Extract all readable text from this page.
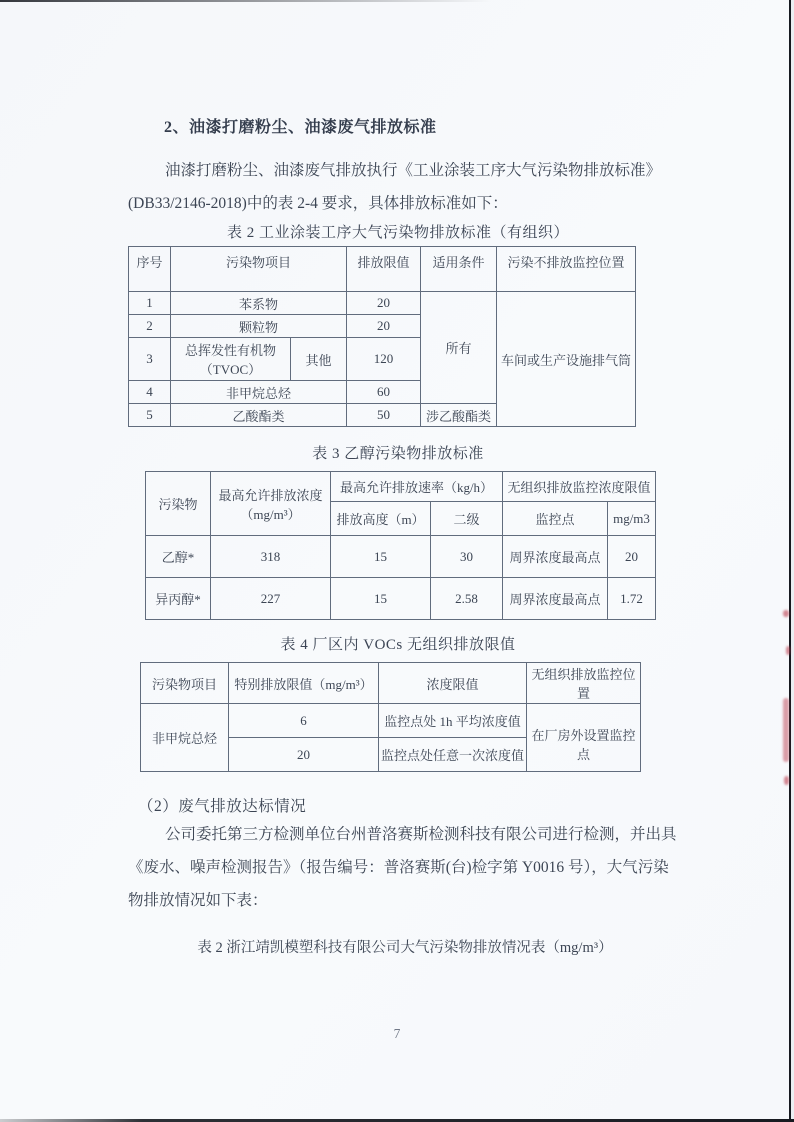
2、油漆打磨粉尘、油漆废气排放标准
油漆打磨粉尘、油漆废气排放执行《工业涂装工序大气污染物排放标准》
(DB33/2146-2018)中的表 2-4 要求，具体排放标准如下：
表 2 工业涂装工序大气污染物排放标准（有组织）
序号	污染物项目		排放限值	适用条件	污染不排放监控位置
1	苯系物		20	所有	车间或生产设施排气筒
2	颗粒物		20		
3	总挥发性有机物（TVOC）	其他	120		
4	非甲烷总烃		60		
5	乙酸酯类		50	涉乙酸酯类	
表 3 乙醇污染物排放标准
污染物	最高允许排放浓度（mg/m³）	最高允许排放速率（kg/h）		无组织排放监控浓度限值	
		排放高度（m）	二级	监控点	mg/m3
乙醇*	318	15	30	周界浓度最高点	20
异丙醇*	227	15	2.58	周界浓度最高点	1.72
表 4 厂区内 VOCs 无组织排放限值
污染物项目	特别排放限值（mg/m³）	浓度限值	无组织排放监控位置
非甲烷总烃	6	监控点处 1h 平均浓度值	在厂房外设置监控点
	20	监控点处任意一次浓度值	
（2）废气排放达标情况
公司委托第三方检测单位台州普洛赛斯检测科技有限公司进行检测，并出具
《废水、噪声检测报告》（报告编号：普洛赛斯(台)检字第 Y0016 号），大气污染
物排放情况如下表：
表 2 浙江靖凯模塑科技有限公司大气污染物排放情况表（mg/m³）
7
